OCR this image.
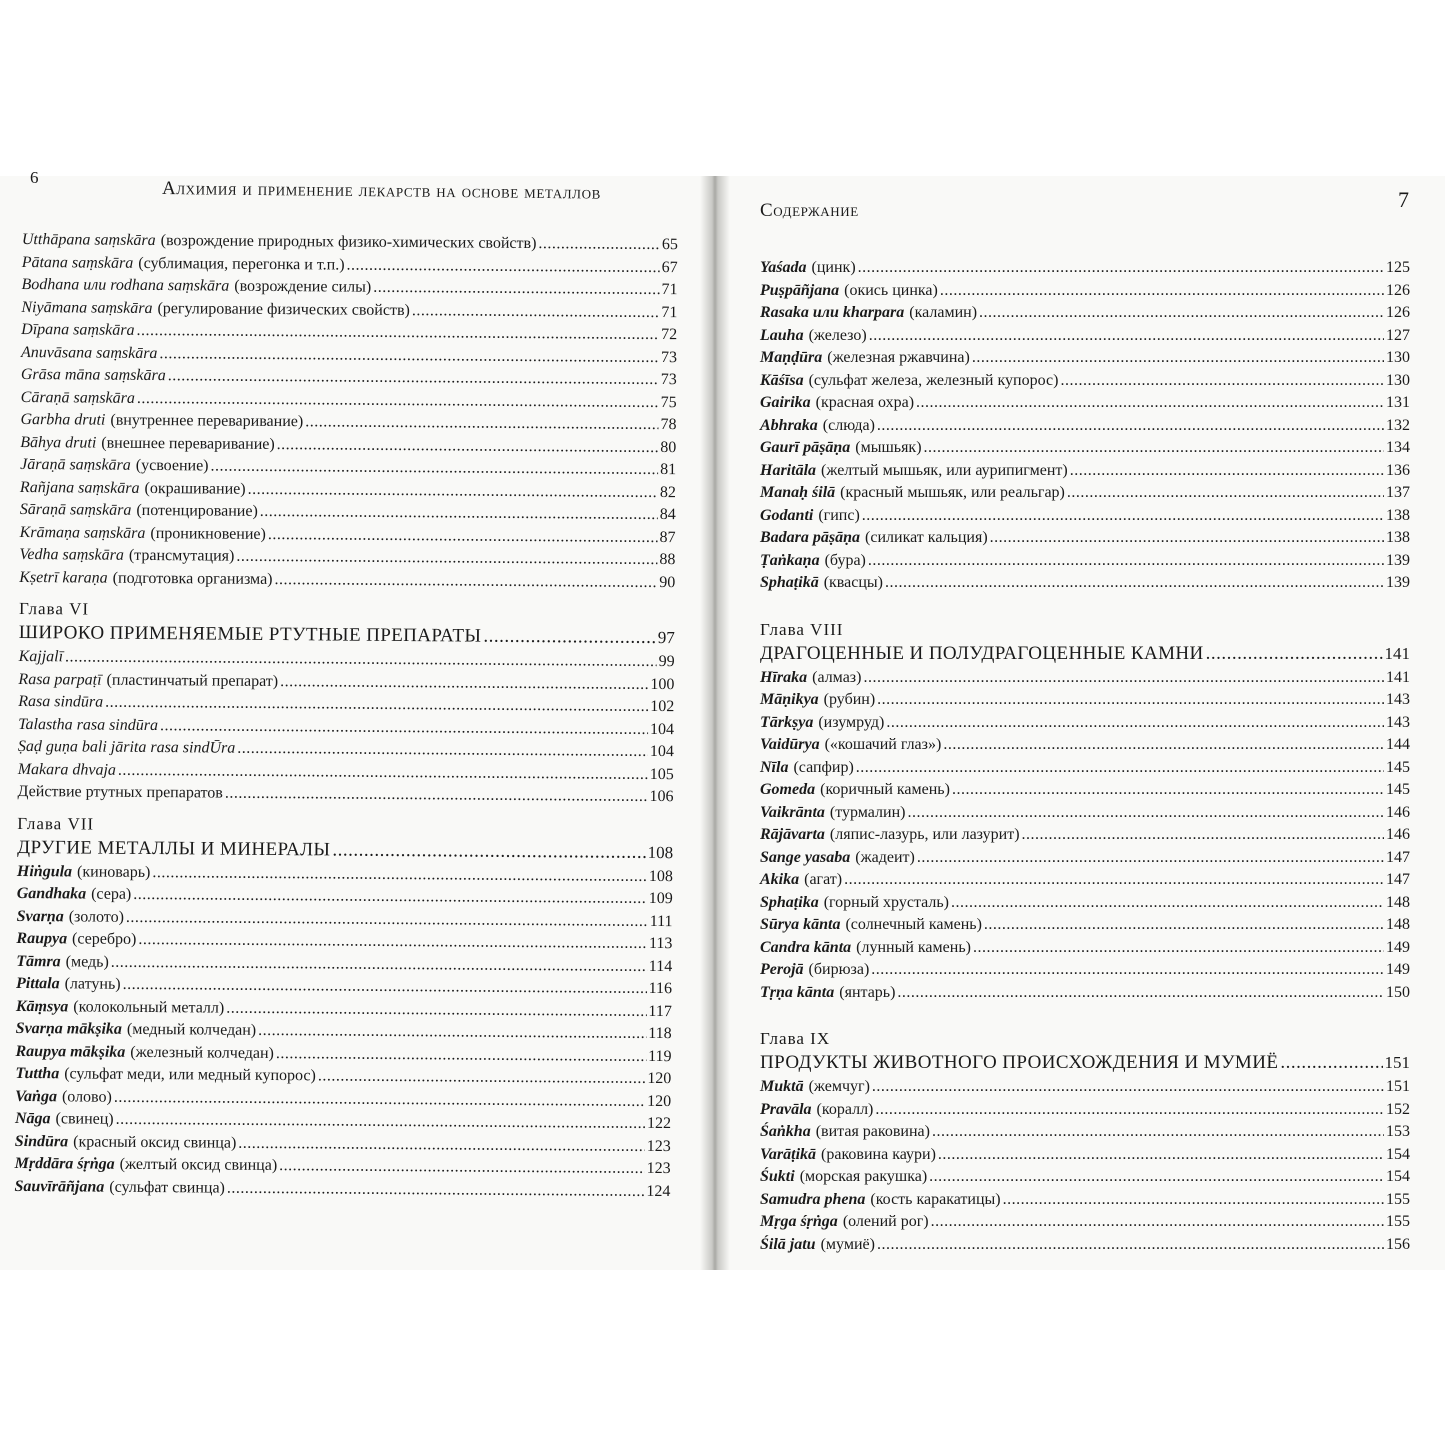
6
Алхимия и применение лекарств на основе металлов
Содержание	7
Utthāpana saṃskāra (возрождение природных физико-химических свойств) .....	65
Pātana saṃskāra (сублимация, перегонка и т.п.) .....	67
Bodhana или rodhana saṃskāra (возрождение силы) .....	71
Niyāmana saṃskāra (регулирование физических свойств) .....	71
Dīpana saṃskāra .....	72
Anuvāsana saṃskāra .....	73
Grāsa māna saṃskāra .....	73
Cāraṇā saṃskāra .....	75
Garbha druti (внутреннее переваривание) .....	78
Bāhya druti (внешнее переваривание) .....	80
Jāraṇā saṃskāra (усвоение) .....	81
Rañjana saṃskāra (окрашивание) .....	82
Sāraṇā saṃskāra (потенцирование) .....	84
Krāmaṇa saṃskāra (проникновение) .....	87
Vedha saṃskāra (трансмутация) .....	88
Kṣetrī karaṇa (подготовка организма) .....	90
Глава VI
ШИРОКО ПРИМЕНЯЕМЫЕ РТУТНЫЕ ПРЕПАРАТЫ .....	97
Kajjalī .....	99
Rasa parpaṭī (пластинчатый препарат) .....	100
Rasa sindūra .....	102
Talastha rasa sindūra .....	104
Ṣaḍ guṇa bali jārita rasa sindŪra .....	104
Makara dhvaja .....	105
Действие ртутных препаратов .....	106
Глава VII
ДРУГИЕ МЕТАЛЛЫ И МИНЕРАЛЫ .....	108
Hiṅgula (киноварь) .....	108
Gandhaka (сера) .....	109
Svarṇa (золото) .....	111
Raupya (серебро) .....	113
Tāmra (медь) .....	114
Pittala (латунь) .....	116
Kāṃsya (колокольный металл) .....	117
Svarṇa mākṣika (медный колчедан) .....	118
Raupya mākṣika (железный колчедан) .....	119
Tuttha (сульфат меди, или медный купорос) .....	120
Vaṅga (олово) .....	120
Nāga (свинец) .....	122
Sindūra (красный оксид свинца) .....	123
Mṛddāra śṛṅga (желтый оксид свинца) .....	123
Sauvīrāñjana (сульфат свинца) .....	124
Yaśada (цинк) .....	125
Puṣpāñjana (окись цинка) .....	126
Rasaka или kharpara (каламин) .....	126
Lauha (железо) .....	127
Maṇḍūra (железная ржавчина) .....	130
Kāśīsa (сульфат железа, железный купорос) .....	130
Gairika (красная охра) .....	131
Abhraka (слюда) .....	132
Gaurī pāṣāṇa (мышьяк) .....	134
Haritāla (желтый мышьяк, или аурипигмент) .....	136
Manaḥ śilā (красный мышьяк, или реальгар) .....	137
Godanti (гипс) .....	138
Badara pāṣāṇa (силикат кальция) .....	138
Ṭaṅkaṇa (бура) .....	139
Sphaṭikā (квасцы) .....	139
Глава VIII
ДРАГОЦЕННЫЕ И ПОЛУДРАГОЦЕННЫЕ КАМНИ .....	141
Hīraka (алмаз) .....	141
Māṇikya (рубин) .....	143
Tārkṣya (изумруд) .....	143
Vaidūrya («кошачий глаз») .....	144
Nīla (сапфир) .....	145
Gomeda (коричный камень) .....	145
Vaikrānta (турмалин) .....	146
Rājāvarta (ляпис-лазурь, или лазурит) .....	146
Sange yasaba (жадеит) .....	147
Akika (агат) .....	147
Sphaṭika (горный хрусталь) .....	148
Sūrya kānta (солнечный камень) .....	148
Candra kānta (лунный камень) .....	149
Perojā (бирюза) .....	149
Tṛṇa kānta (янтарь) .....	150
Глава IX
ПРОДУКТЫ ЖИВОТНОГО ПРОИСХОЖДЕНИЯ И МУМИЁ .....	151
Muktā (жемчуг) .....	151
Pravāla (коралл) .....	152
Śaṅkha (витая раковина) .....	153
Varāṭikā (раковина каури) .....	154
Śukti (морская ракушка) .....	154
Samudra phena (кость каракатицы) .....	155
Mṛga śṛṅga (олений рог) .....	155
Śilā jatu (мумиё) .....	156
